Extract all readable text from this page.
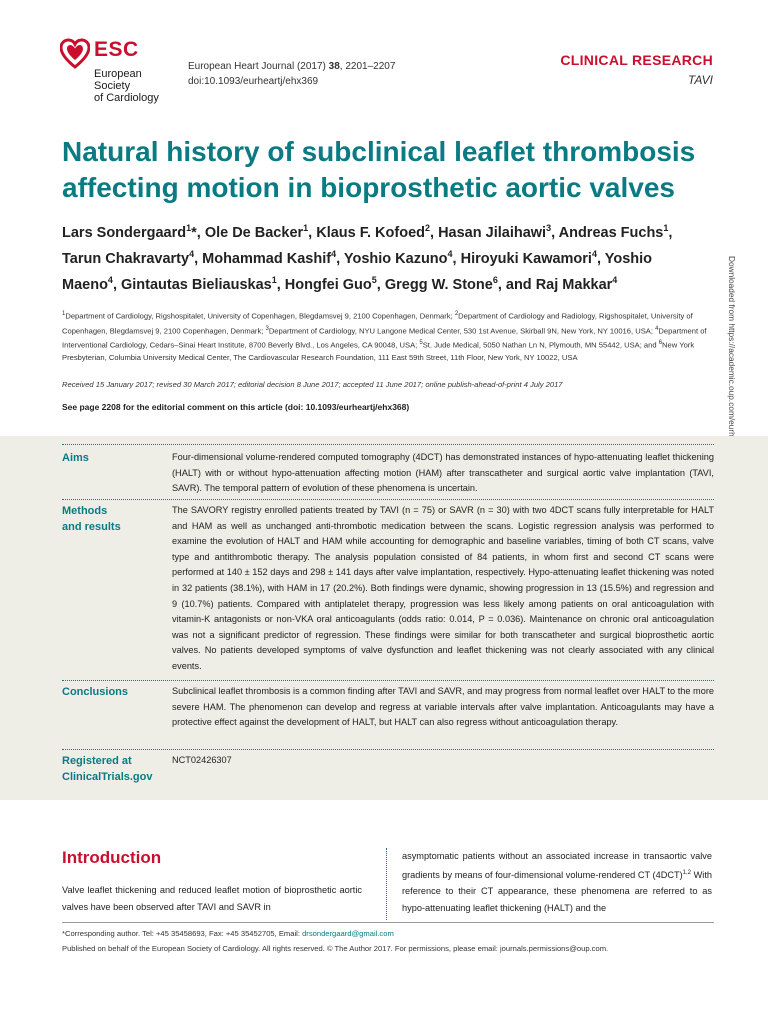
ESC
European Society
of Cardiology
European Heart Journal (2017) 38, 2201–2207
doi:10.1093/eurheartj/ehx369
CLINICAL RESEARCH
TAVI
Natural history of subclinical leaflet thrombosis
affecting motion in bioprosthetic aortic valves
Lars Sondergaard$^1$*, Ole De Backer$^1$, Klaus F. Kofoed$^2$, Hasan Jilaihawi$^3$, Andreas Fuchs$^1$, Tarun Chakravarty$^4$, Mohammad Kashif$^4$, Yoshio Kazuno$^4$, Hiroyuki Kawamori$^4$, Yoshio Maeno$^4$, Gintautas Bieliauskas$^1$, Hongfei Guo$^5$, Gregg W. Stone$^6$, and Raj Makkar$^4$
$^1$Department of Cardiology, Rigshospitalet, University of Copenhagen, Blegdamsvej 9, 2100 Copenhagen, Denmark; $^2$Department of Cardiology and Radiology, Rigshospitalet, University of Copenhagen, Blegdamsvej 9, 2100 Copenhagen, Denmark; $^3$Department of Cardiology, NYU Langone Medical Center, 530 1st Avenue, Skirball 9N, New York, NY 10016, USA; $^4$Department of Interventional Cardiology, Cedars–Sinai Heart Institute, 8700 Beverly Blvd., Los Angeles, CA 90048, USA; $^5$St. Jude Medical, 5050 Nathan Ln N, Plymouth, MN 55442, USA; and $^6$New York Presbyterian, Columbia University Medical Center, The Cardiovascular Research Foundation, 111 East 59th Street, 11th Floor, New York, NY 10022, USA
Received 15 January 2017; revised 30 March 2017; editorial decision 8 June 2017; accepted 11 June 2017; online publish-ahead-of-print 4 July 2017
See page 2208 for the editorial comment on this article (doi: 10.1093/eurheartj/ehx368)
Aims	Four-dimensional volume-rendered computed tomography (4DCT) has demonstrated instances of hypo-attenuating leaflet thickening (HALT) with or without hypo-attenuation affecting motion (HAM) after transcatheter and surgical aortic valve implantation (TAVI, SAVR). The temporal pattern of evolution of these phenomena is uncertain.
Methods
and results
The SAVORY registry enrolled patients treated by TAVI (n = 75) or SAVR (n = 30) with two 4DCT scans fully interpretable for HALT and HAM as well as unchanged anti-thrombotic medication between the scans. Logistic regression analysis was performed to examine the evolution of HALT and HAM while accounting for demographic and baseline variables, timing of both CT scans, valve type and antithrombotic therapy. The analysis population consisted of 84 patients, in whom first and second CT scans were performed at 140 ± 152 days and 298 ± 141 days after valve implantation, respectively. Hypo-attenuating leaflet thickening was noted in 32 patients (38.1%), with HAM in 17 (20.2%). Both findings were dynamic, showing progression in 13 (15.5%) and regression and 9 (10.7%) patients. Compared with antiplatelet therapy, progression was less likely among patients on oral anticoagulation with vitamin-K antagonists or non-VKA oral anticoagulants (odds ratio: 0.014, P = 0.036). Maintenance on chronic oral anticoagulation was not a significant predictor of regression. These findings were similar for both transcatheter and surgical bioprosthetic aortic valves. No patients developed symptoms of valve dysfunction and leaflet thickening was not clearly associated with any clinical events.
Conclusions	Subclinical leaflet thrombosis is a common finding after TAVI and SAVR, and may progress from normal leaflet over HALT to the more severe HAM. The phenomenon can develop and regress at variable intervals after valve implantation. Anticoagulants may have a protective effect against the development of HALT, but HALT can also regress without anticoagulation therapy.
Registered at
ClinicalTrials.gov
NCT02426307
Introduction
Valve leaflet thickening and reduced leaflet motion of bioprosthetic aortic valves have been observed after TAVI and SAVR in
asymptomatic patients without an associated increase in transaortic valve gradients by means of four-dimensional volume-rendered CT $(4DCT)^{1,2}$ With reference to their CT appearance, these phenomena are referred to as hypo-attenuating leaflet thickening (HALT) and the
*Corresponding author. Tel: +45 35458693, Fax: +45 35452705, Email: drsondergaard@gmail.com
Published on behalf of the European Society of Cardiology. All rights reserved. © The Author 2017. For permissions, please email: journals.permissions@oup.com.
